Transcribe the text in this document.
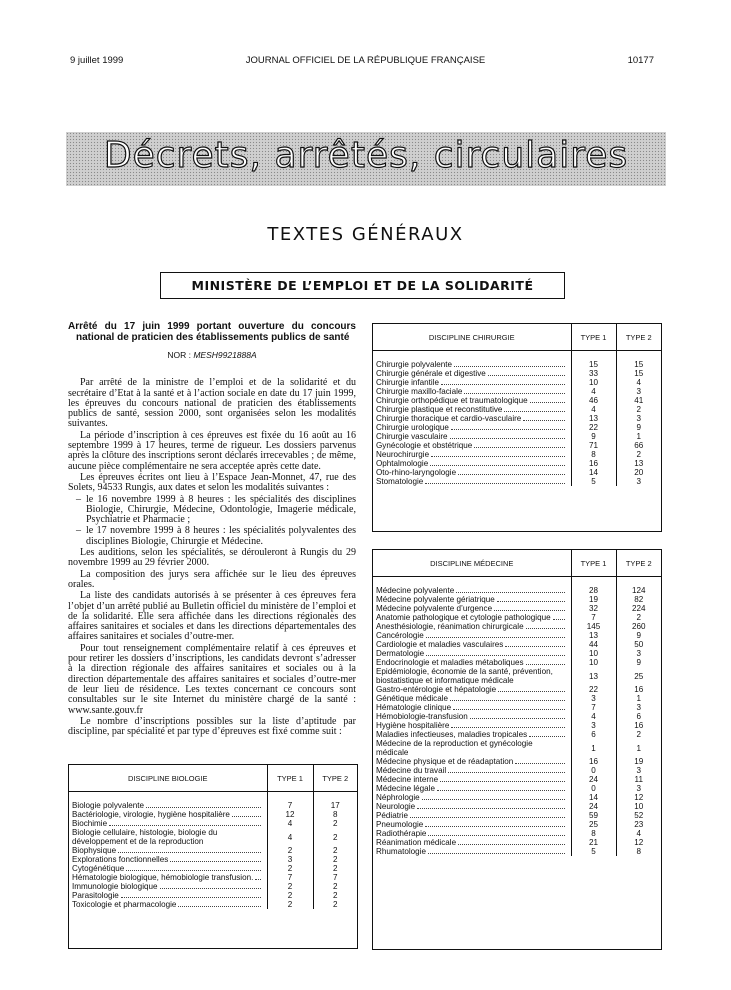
9 juillet 1999	JOURNAL OFFICIEL DE LA RÉPUBLIQUE FRANÇAISE	10177
Décrets, arrêtés, circulaires
TEXTES GÉNÉRAUX
MINISTÈRE DE L’EMPLOI ET DE LA SOLIDARITÉ
Arrêté du 17 juin 1999 portant ouverture du concours national de praticien des établissements publics de santé
NOR : MESH9921888A

Par arrêté de la ministre de l’emploi et de la solidarité et du secrétaire d’Etat à la santé et à l’action sociale en date du 17 juin 1999, les épreuves du concours national de praticien des établissements publics de santé, session 2000, sont organisées selon les modalités suivantes.

La période d’inscription à ces épreuves est fixée du 16 août au 16 septembre 1999 à 17 heures, terme de rigueur. Les dossiers parvenus après la clôture des inscriptions seront déclarés irrecevables ; de même, aucune pièce complémentaire ne sera acceptée après cette date.

Les épreuves écrites ont lieu à l’Espace Jean-Monnet, 47, rue des Solets, 94533 Rungis, aux dates et selon les modalités suivantes :

– le 16 novembre 1999 à 8 heures : les spécialités des disciplines Biologie, Chirurgie, Médecine, Odontologie, Imagerie médicale, Psychiatrie et Pharmacie ;

– le 17 novembre 1999 à 8 heures : les spécialités polyvalentes des disciplines Biologie, Chirurgie et Médecine.

Les auditions, selon les spécialités, se dérouleront à Rungis du 29 novembre 1999 au 29 février 2000.

La composition des jurys sera affichée sur le lieu des épreuves orales.

La liste des candidats autorisés à se présenter à ces épreuves fera l’objet d’un arrêté publié au Bulletin officiel du ministère de l’emploi et de la solidarité. Elle sera affichée dans les directions régionales des affaires sanitaires et sociales et dans les directions départementales des affaires sanitaires et sociales d’outre-mer.

Pour tout renseignement complémentaire relatif à ces épreuves et pour retirer les dossiers d’inscriptions, les candidats devront s’adresser à la direction régionale des affaires sanitaires et sociales ou à la direction départementale des affaires sanitaires et sociales d’outre-mer de leur lieu de résidence. Les textes concernant ce concours sont consultables sur le site Internet du ministère chargé de la santé : www.sante.gouv.fr

Le nombre d’inscriptions possibles sur la liste d’aptitude par discipline, par spécialité et par type d’épreuves est fixé comme suit :

DISCIPLINE BIOLOGIE	TYPE 1	TYPE 2

Biologie polyvalente	7	17

Bactériologie, virologie, hygiène hospitalière	12	8

Biochimie	4	2

Biologie cellulaire, histologie, biologie du développement et de la reproduction	4	2

Biophysique	2	2

Explorations fonctionnelles	3	2

Cytogénétique	2	2

Hématologie biologique, hémobiologie transfusion.	7	7

Immunologie biologique	2	2

Parasitologie	2	2

Toxicologie et pharmacologie	2	2
DISCIPLINE CHIRURGIE	TYPE 1	TYPE 2

Chirurgie polyvalente	15	15

Chirurgie générale et digestive	33	15

Chirurgie infantile	10	4

Chirurgie maxillo-faciale	4	3

Chirurgie orthopédique et traumatologique	46	41

Chirurgie plastique et reconstitutive	4	2

Chirurgie thoracique et cardio-vasculaire	13	3

Chirurgie urologique	22	9

Chirurgie vasculaire	9	1

Gynécologie et obstétrique	71	66

Neurochirurgie	8	2

Ophtalmologie	16	13

Oto-rhino-laryngologie	14	20

Stomatologie	5	3
DISCIPLINE MÉDECINE	TYPE 1	TYPE 2

Médecine polyvalente	28	124

Médecine polyvalente gériatrique	19	82

Médecine polyvalente d’urgence	32	224

Anatomie pathologique et cytologie pathologique	7	2

Anesthésiologie, réanimation chirurgicale	145	260

Cancérologie	13	9

Cardiologie et maladies vasculaires	44	50

Dermatologie	10	3

Endocrinologie et maladies métaboliques	10	9

Epidémiologie, économie de la santé, prévention, biostatistique et informatique médicale	13	25

Gastro-entérologie et hépatologie	22	16

Génétique médicale	3	1

Hématologie clinique	7	3

Hémobiologie-transfusion	4	6

Hygiène hospitalière	3	16

Maladies infectieuses, maladies tropicales	6	2

Médecine de la reproduction et gynécologie médicale	1	1

Médecine physique et de réadaptation	16	19

Médecine du travail	0	3

Médecine interne	24	11

Médecine légale	0	3

Néphrologie	14	12

Neurologie	24	10

Pédiatrie	59	52

Pneumologie	25	23

Radiothérapie	8	4

Réanimation médicale	21	12

Rhumatologie	5	8
